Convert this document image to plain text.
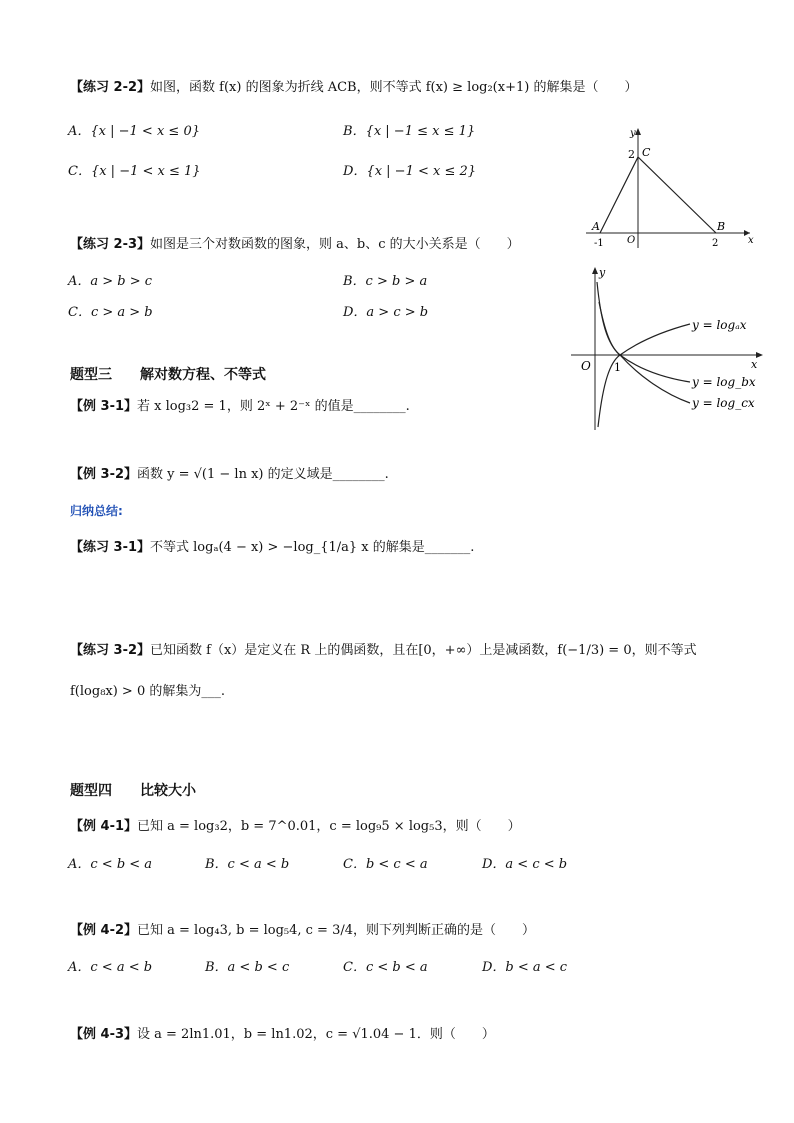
【练习 2-2】如图，函数 f(x) 的图象为折线 ACB，则不等式 f(x) ≥ log₂(x+1) 的解集是（　　）
A．{x | −1 < x ≤ 0}	B．{x | −1 ≤ x ≤ 1}
C．{x | −1 < x ≤ 1}	D．{x | −1 < x ≤ 2}
y
x
C
2
A	B
-1 O	2
【练习 2-3】如图是三个对数函数的图象，则 a、b、c 的大小关系是（　　）
A．a > b > c	B．c > b > a
C．c > a > b	D．a > c > b
y
x
O 1
y = logₐx
y = log_bx
y = log_cx
题型三　　解对数方程、不等式
【例 3-1】若 x log₃2 = 1，则 2ˣ + 2⁻ˣ 的值是________.
【例 3-2】函数 y = √(1 − ln x) 的定义域是________.
归纳总结:
【练习 3-1】不等式 logₐ(4 − x) > −log_{1/a} x 的解集是_______.
【练习 3-2】已知函数 f（x）是定义在 R 上的偶函数，且在[0，+∞）上是减函数，f(−1/3) = 0，则不等式
f(log₈x) > 0 的解集为___.
题型四　　比较大小
【例 4-1】已知 a = log₃2，b = 7^0.01，c = log₉5 × log₅3，则（　　）
A．c < b < a	B．c < a < b	C．b < c < a	D．a < c < b
【例 4-2】已知 a = log₄3, b = log₅4, c = 3/4，则下列判断正确的是（　　）
A．c < a < b	B．a < b < c	C．c < b < a	D．b < a < c
【例 4-3】设 a = 2ln1.01，b = ln1.02，c = √1.04 − 1．则（　　）
